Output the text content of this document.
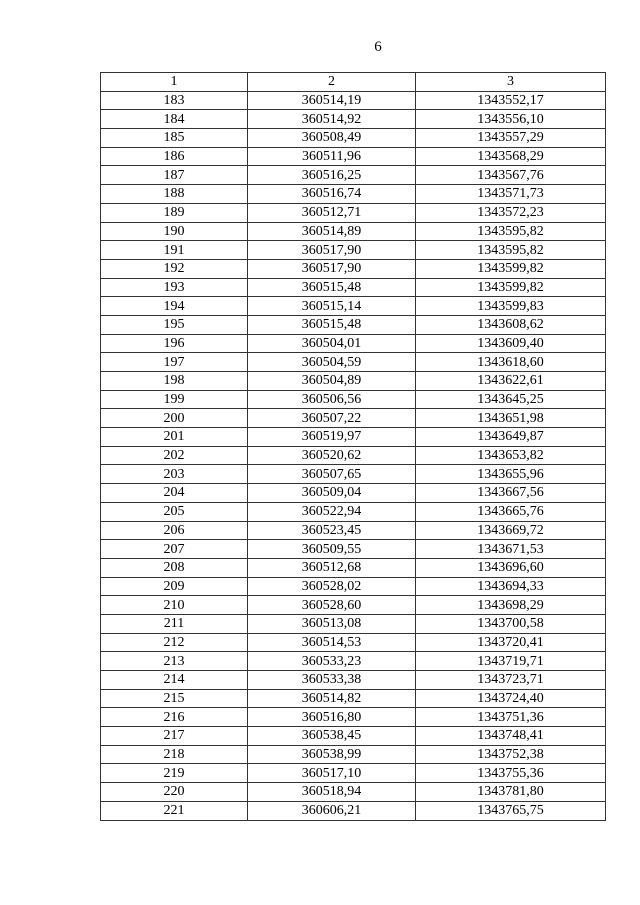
6
1	2	3
183	360514,19	1343552,17
184	360514,92	1343556,10
185	360508,49	1343557,29
186	360511,96	1343568,29
187	360516,25	1343567,76
188	360516,74	1343571,73
189	360512,71	1343572,23
190	360514,89	1343595,82
191	360517,90	1343595,82
192	360517,90	1343599,82
193	360515,48	1343599,82
194	360515,14	1343599,83
195	360515,48	1343608,62
196	360504,01	1343609,40
197	360504,59	1343618,60
198	360504,89	1343622,61
199	360506,56	1343645,25
200	360507,22	1343651,98
201	360519,97	1343649,87
202	360520,62	1343653,82
203	360507,65	1343655,96
204	360509,04	1343667,56
205	360522,94	1343665,76
206	360523,45	1343669,72
207	360509,55	1343671,53
208	360512,68	1343696,60
209	360528,02	1343694,33
210	360528,60	1343698,29
211	360513,08	1343700,58
212	360514,53	1343720,41
213	360533,23	1343719,71
214	360533,38	1343723,71
215	360514,82	1343724,40
216	360516,80	1343751,36
217	360538,45	1343748,41
218	360538,99	1343752,38
219	360517,10	1343755,36
220	360518,94	1343781,80
221	360606,21	1343765,75
